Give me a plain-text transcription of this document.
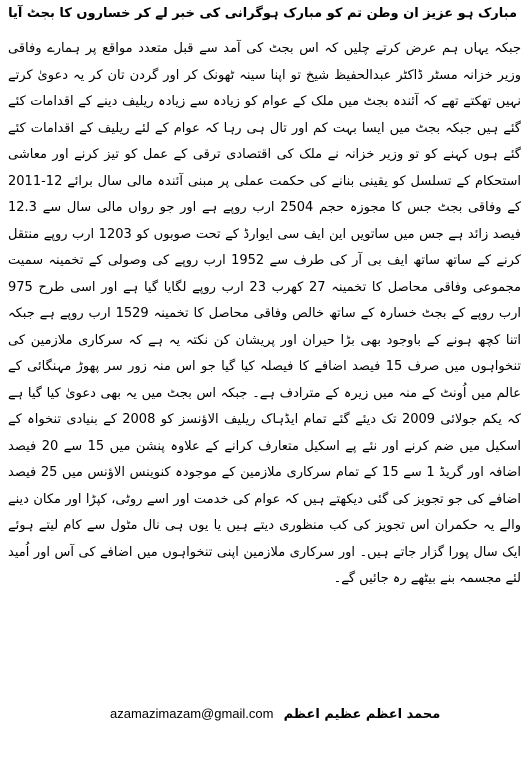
مبارک ہو عزیز ان وطن تم کو مبارک ہو
گرانی کی خبر لے کر خساروں کا بجٹ آیا
جبکہ یہاں ہم عرض کرتے چلیں کہ اس بجٹ کی آمد سے قبل متعدد مواقع پر ہمارے وفاقی وزیر خزانہ مسٹر ڈاکٹر عبدالحفیظ شیخ تو اپنا سینہ ٹھونک کر اور گردن تان کر یہ دعویٰ کرتے نہیں تھکتے تھے کہ آئندہ بجٹ میں ملک کے عوام کو زیادہ سے زیادہ ریلیف دینے کے اقدامات کئے گئے ہیں جبکہ بجٹ میں ایسا بہت کم اور تال ہی رہا کہ عوام کے لئے ریلیف کے اقدامات کئے گئے ہوں کہنے کو تو وزیر خزانہ نے ملک کی اقتصادی ترقی کے عمل کو تیز کرنے اور معاشی استحکام کے تسلسل کو یقینی بنانے کی حکمت عملی پر مبنی آئندہ مالی سال برائے 12-2011 کے وفاقی بجٹ جس کا مجوزہ حجم 2504 ارب روپے ہے اور جو رواں مالی سال سے 12.3 فیصد زائد ہے جس میں ساتویں این ایف سی ایوارڈ کے تحت صوبوں کو 1203 ارب روپے منتقل کرنے کے ساتھ ساتھ ایف بی آر کی طرف سے 1952 ارب روپے کی وصولی کے تخمینہ سمیت مجموعی وفاقی محاصل کا تخمینہ 27 کھرب 23 ارب روپے لگایا گیا ہے اور اسی طرح 975 ارب روپے کے بجٹ خسارہ کے ساتھ خالص وفاقی محاصل کا تخمینہ 1529 ارب روپے ہے جبکہ اتنا کچھ ہونے کے باوجود بھی بڑا حیران اور پریشان کن نکتہ یہ ہے کہ سرکاری ملازمین کی تنخواہوں میں صرف 15 فیصد اضافے کا فیصلہ کیا گیا جو اس منہ زور سر پھوڑ مہنگائی کے عالم میں اُونٹ کے منہ میں زیرہ کے مترادف ہے۔ جبکہ اس بجٹ میں یہ بھی دعویٰ کیا گیا ہے کہ یکم جولائی 2009 تک دیئے گئے تمام ایڈہاک ریلیف الاؤنسز کو 2008 کے بنیادی تنخواہ کے اسکیل میں ضم کرنے اور نئے پے اسکیل متعارف کرانے کے علاوہ پنشن میں 15 سے 20 فیصد اضافہ اور گریڈ 1 سے 15 کے تمام سرکاری ملازمین کے موجودہ کنوینس الاؤنس میں 25 فیصد اضافے کی جو تجویز کی گئی دیکھتے ہیں کہ عوام کی خدمت اور اسے روٹی، کپڑا اور مکان دینے والے یہ حکمران اس تجویز کی کب منظوری دیتے ہیں یا یوں ہی نال مٹول سے کام لیتے ہوئے ایک سال پورا گزار جاتے ہیں۔ اور سرکاری ملازمین اپنی تنخواہوں میں اضافے کی آس اور اُمید لئے مجسمہ بنے بیٹھے رہ جائیں گے۔
azamazimazam@gmail.com محمد اعظم عظیم اعظم
